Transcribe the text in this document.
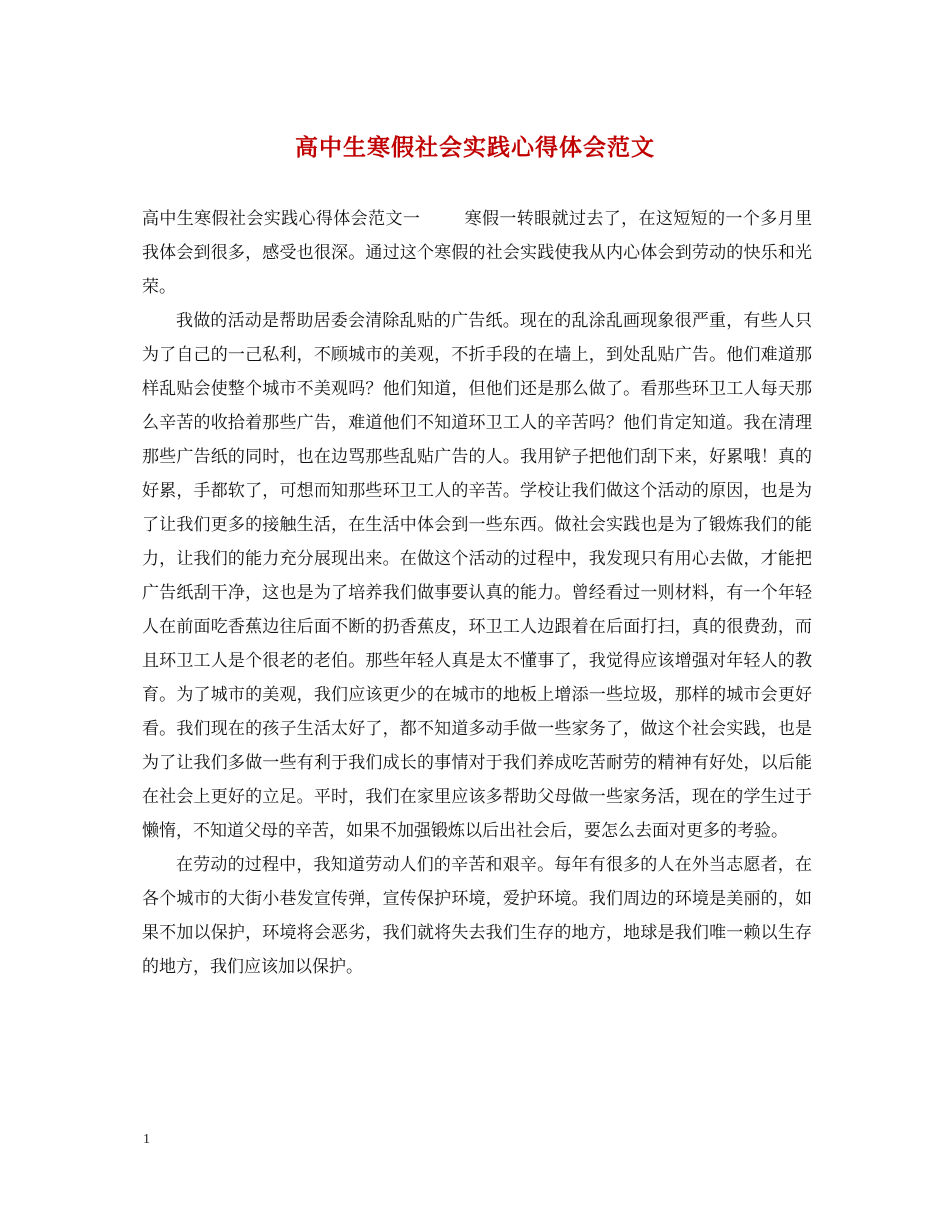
高中生寒假社会实践心得体会范文

高中生寒假社会实践心得体会范文一	寒假一转眼就过去了，在这短短的一个多月里我体会到很多，感受也很深。通过这个寒假的社会实践使我从内心体会到劳动的快乐和光荣。

我做的活动是帮助居委会清除乱贴的广告纸。现在的乱涂乱画现象很严重，有些人只为了自己的一己私利，不顾城市的美观，不折手段的在墙上，到处乱贴广告。他们难道那样乱贴会使整个城市不美观吗？他们知道，但他们还是那么做了。看那些环卫工人每天那么辛苦的收拾着那些广告，难道他们不知道环卫工人的辛苦吗？他们肯定知道。我在清理那些广告纸的同时，也在边骂那些乱贴广告的人。我用铲子把他们刮下来，好累哦！真的好累，手都软了，可想而知那些环卫工人的辛苦。学校让我们做这个活动的原因，也是为了让我们更多的接触生活，在生活中体会到一些东西。做社会实践也是为了锻炼我们的能力，让我们的能力充分展现出来。在做这个活动的过程中，我发现只有用心去做，才能把广告纸刮干净，这也是为了培养我们做事要认真的能力。曾经看过一则材料，有一个年轻人在前面吃香蕉边往后面不断的扔香蕉皮，环卫工人边跟着在后面打扫，真的很费劲，而且环卫工人是个很老的老伯。那些年轻人真是太不懂事了，我觉得应该增强对年轻人的教育。为了城市的美观，我们应该更少的在城市的地板上增添一些垃圾，那样的城市会更好看。我们现在的孩子生活太好了，都不知道多动手做一些家务了，做这个社会实践，也是为了让我们多做一些有利于我们成长的事情对于我们养成吃苦耐劳的精神有好处，以后能在社会上更好的立足。平时，我们在家里应该多帮助父母做一些家务活，现在的学生过于懒惰，不知道父母的辛苦，如果不加强锻炼以后出社会后，要怎么去面对更多的考验。

在劳动的过程中，我知道劳动人们的辛苦和艰辛。每年有很多的人在外当志愿者，在各个城市的大街小巷发宣传弹，宣传保护环境，爱护环境。我们周边的环境是美丽的，如果不加以保护，环境将会恶劣，我们就将失去我们生存的地方，地球是我们唯一赖以生存的地方，我们应该加以保护。

1
